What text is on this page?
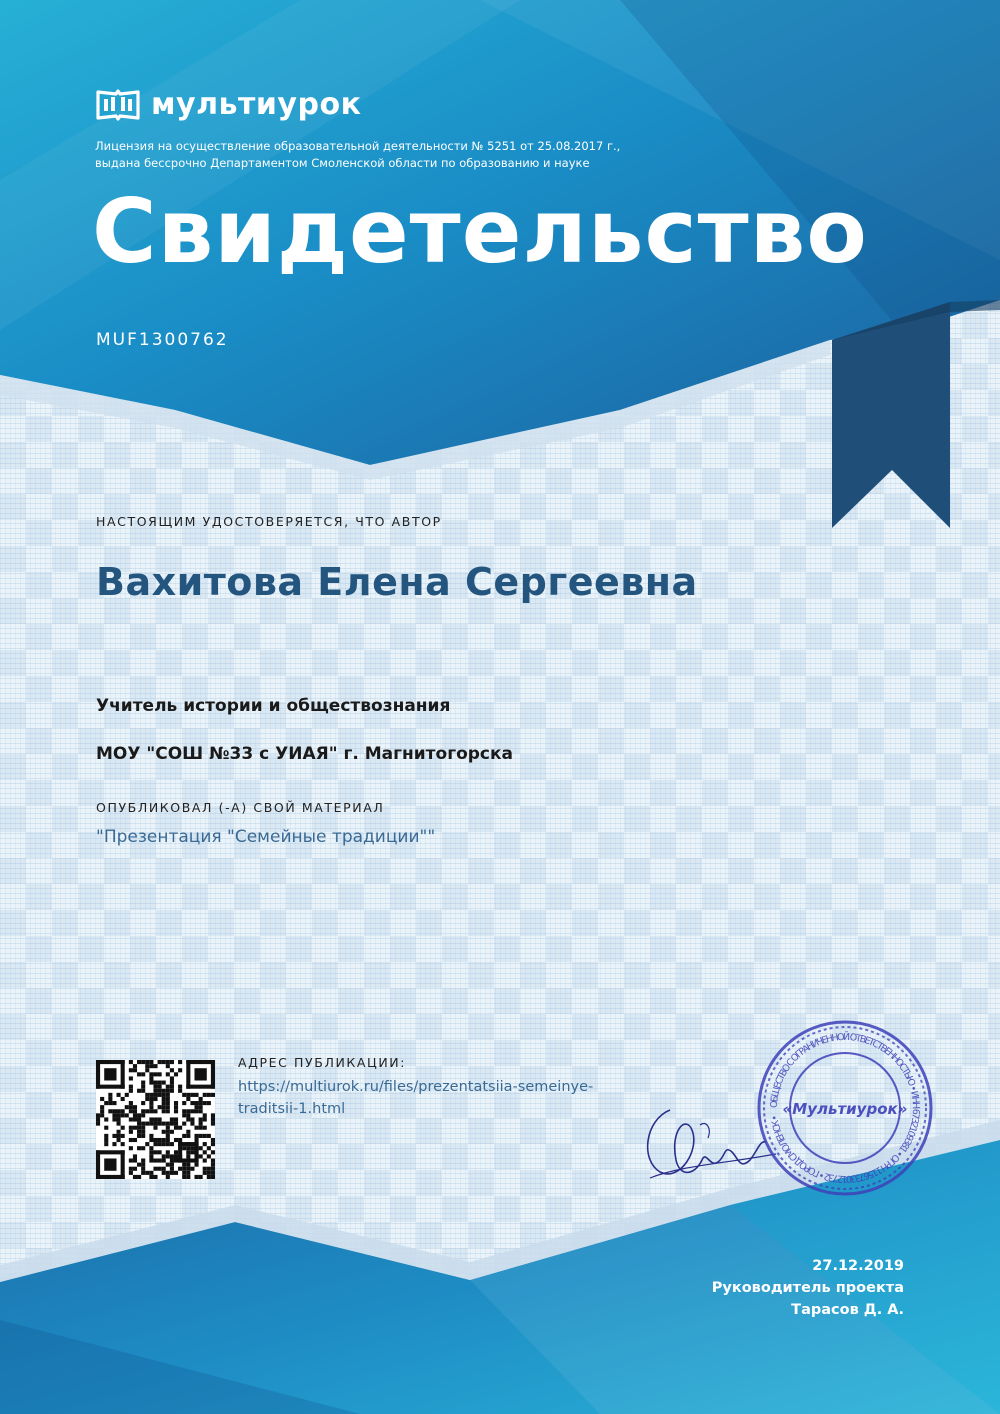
мультиурок
Лицензия на осуществление образовательной деятельности № 5251 от 25.08.2017 г.,
выдана бессрочно Департаментом Смоленской области по образованию и науке
Свидетельство
MUF1300762
НАСТОЯЩИМ УДОСТОВЕРЯЕТСЯ, ЧТО АВТОР
Вахитова Елена Сергеевна
Учитель истории и обществознания
МОУ "СОШ №33 с УИАЯ" г. Магнитогорска
ОПУБЛИКОВАЛ (-А) СВОЙ МАТЕРИАЛ
"Презентация "Семейные традиции""
АДРЕС ПУБЛИКАЦИИ:
https://multiurok.ru/files/prezentatsiia-semeinye-traditsii-1.html	ОБЩЕСТВО С ОГРАНИЧЕННОЙ ОТВЕТСТВЕННОСТЬЮ • ИНН 6732109381 • ОГРН 1156733012732 • ГОРОД СМОЛЕНСК • «Мультиурок»
27.12.2019
Руководитель проекта
Тарасов Д. А.
